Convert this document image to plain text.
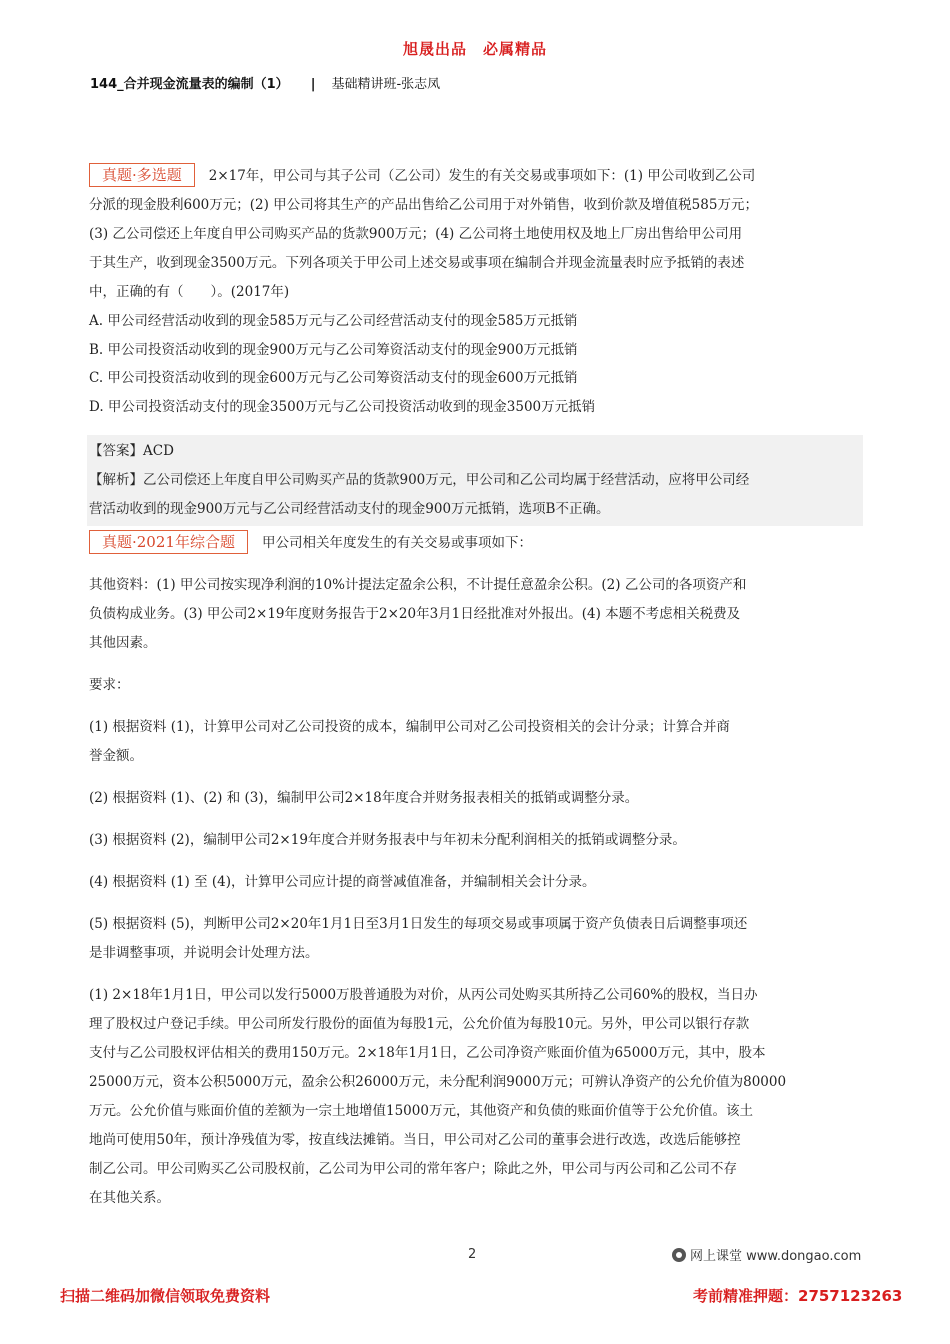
旭晟出品　必属精品
144_合并现金流量表的编制（1） | 基础精讲班-张志凤

真题·多选题 2×17年，甲公司与其子公司（乙公司）发生的有关交易或事项如下：(1) 甲公司收到乙公司

分派的现金股利600万元；(2) 甲公司将其生产的产品出售给乙公司用于对外销售，收到价款及增值税585万元；

(3) 乙公司偿还上年度自甲公司购买产品的货款900万元；(4) 乙公司将土地使用权及地上厂房出售给甲公司用

于其生产，收到现金3500万元。下列各项关于甲公司上述交易或事项在编制合并现金流量表时应予抵销的表述

中，正确的有（　　）。(2017年)

A. 甲公司经营活动收到的现金585万元与乙公司经营活动支付的现金585万元抵销

B. 甲公司投资活动收到的现金900万元与乙公司筹资活动支付的现金900万元抵销

C. 甲公司投资活动收到的现金600万元与乙公司筹资活动支付的现金600万元抵销

D. 甲公司投资活动支付的现金3500万元与乙公司投资活动收到的现金3500万元抵销

【答案】ACD

【解析】乙公司偿还上年度自甲公司购买产品的货款900万元，甲公司和乙公司均属于经营活动，应将甲公司经

营活动收到的现金900万元与乙公司经营活动支付的现金900万元抵销，选项B不正确。

真题·2021年综合题 甲公司相关年度发生的有关交易或事项如下：

其他资料：(1) 甲公司按实现净利润的10%计提法定盈余公积，不计提任意盈余公积。(2) 乙公司的各项资产和

负债构成业务。(3) 甲公司2×19年度财务报告于2×20年3月1日经批准对外报出。(4) 本题不考虑相关税费及

其他因素。

要求：

(1) 根据资料 (1)，计算甲公司对乙公司投资的成本，编制甲公司对乙公司投资相关的会计分录；计算合并商

誉金额。

(2) 根据资料 (1)、(2) 和 (3)，编制甲公司2×18年度合并财务报表相关的抵销或调整分录。

(3) 根据资料 (2)，编制甲公司2×19年度合并财务报表中与年初未分配利润相关的抵销或调整分录。

(4) 根据资料 (1) 至 (4)，计算甲公司应计提的商誉减值准备，并编制相关会计分录。

(5) 根据资料 (5)，判断甲公司2×20年1月1日至3月1日发生的每项交易或事项属于资产负债表日后调整事项还

是非调整事项，并说明会计处理方法。

(1) 2×18年1月1日，甲公司以发行5000万股普通股为对价，从丙公司处购买其所持乙公司60%的股权，当日办

理了股权过户登记手续。甲公司所发行股份的面值为每股1元，公允价值为每股10元。另外，甲公司以银行存款

支付与乙公司股权评估相关的费用150万元。2×18年1月1日，乙公司净资产账面价值为65000万元，其中，股本

25000万元，资本公积5000万元，盈余公积26000万元，未分配利润9000万元；可辨认净资产的公允价值为80000

万元。公允价值与账面价值的差额为一宗土地增值15000万元，其他资产和负债的账面价值等于公允价值。该土

地尚可使用50年，预计净残值为零，按直线法摊销。当日，甲公司对乙公司的董事会进行改选，改选后能够控

制乙公司。甲公司购买乙公司股权前，乙公司为甲公司的常年客户；除此之外，甲公司与丙公司和乙公司不存

在其他关系。

2	网上课堂 www.dongao.com
扫描二维码加微信领取免费资料	考前精准押题：2757123263
